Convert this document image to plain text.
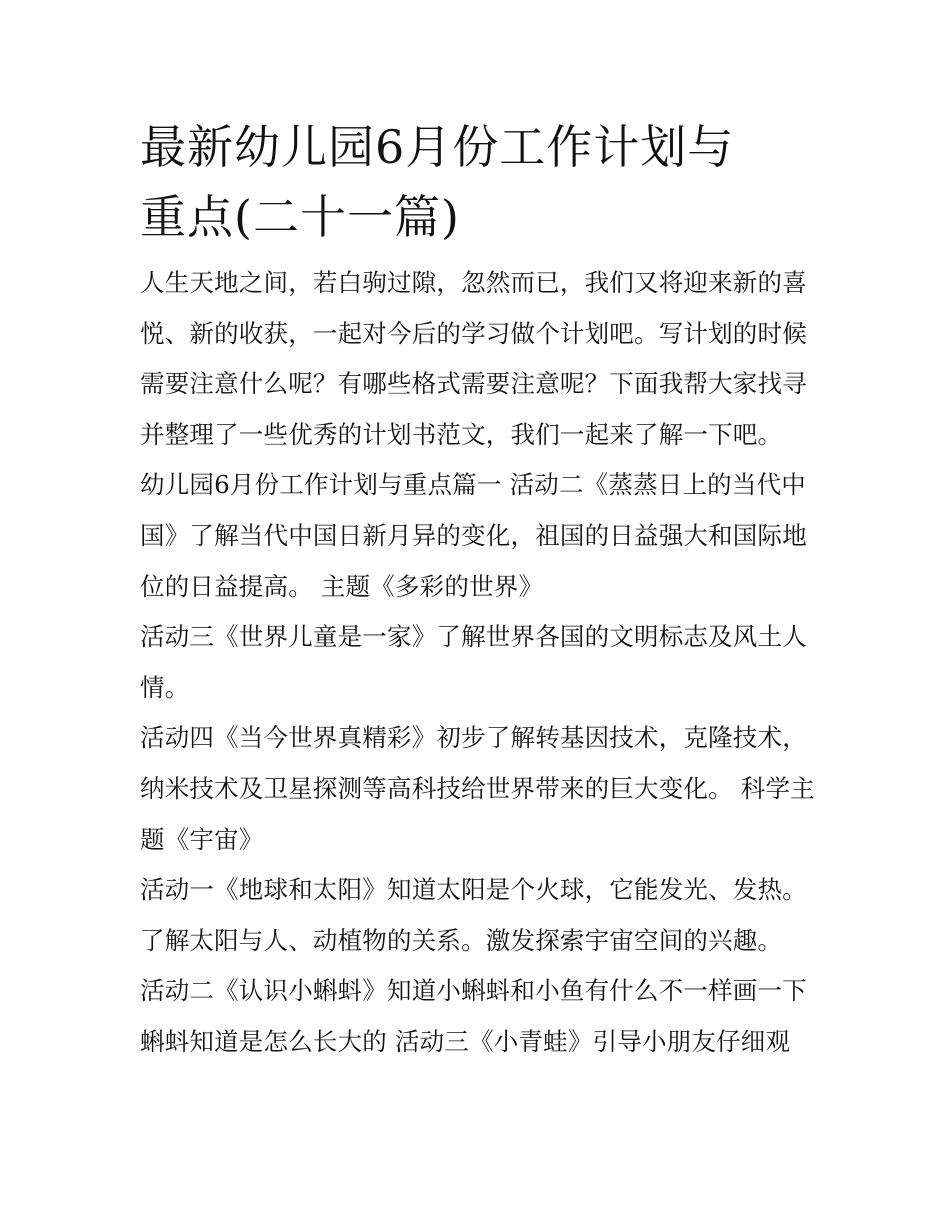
最新幼儿园6月份工作计划与
重点(二十一篇)

人生天地之间，若白驹过隙，忽然而已，我们又将迎来新的喜悦、新的收获，一起对今后的学习做个计划吧。写计划的时候需要注意什么呢？有哪些格式需要注意呢？下面我帮大家找寻并整理了一些优秀的计划书范文，我们一起来了解一下吧。

幼儿园6月份工作计划与重点篇一 活动二《蒸蒸日上的当代中国》了解当代中国日新月异的变化，祖国的日益强大和国际地位的日益提高。 主题《多彩的世界》

活动三《世界儿童是一家》了解世界各国的文明标志及风土人情。

活动四《当今世界真精彩》初步了解转基因技术，克隆技术，纳米技术及卫星探测等高科技给世界带来的巨大变化。 科学主题《宇宙》

活动一《地球和太阳》知道太阳是个火球，它能发光、发热。了解太阳与人、动植物的关系。激发探索宇宙空间的兴趣。

活动二《认识小蝌蚪》知道小蝌蚪和小鱼有什么不一样画一下蝌蚪知道是怎么长大的 活动三《小青蛙》引导小朋友仔细观
